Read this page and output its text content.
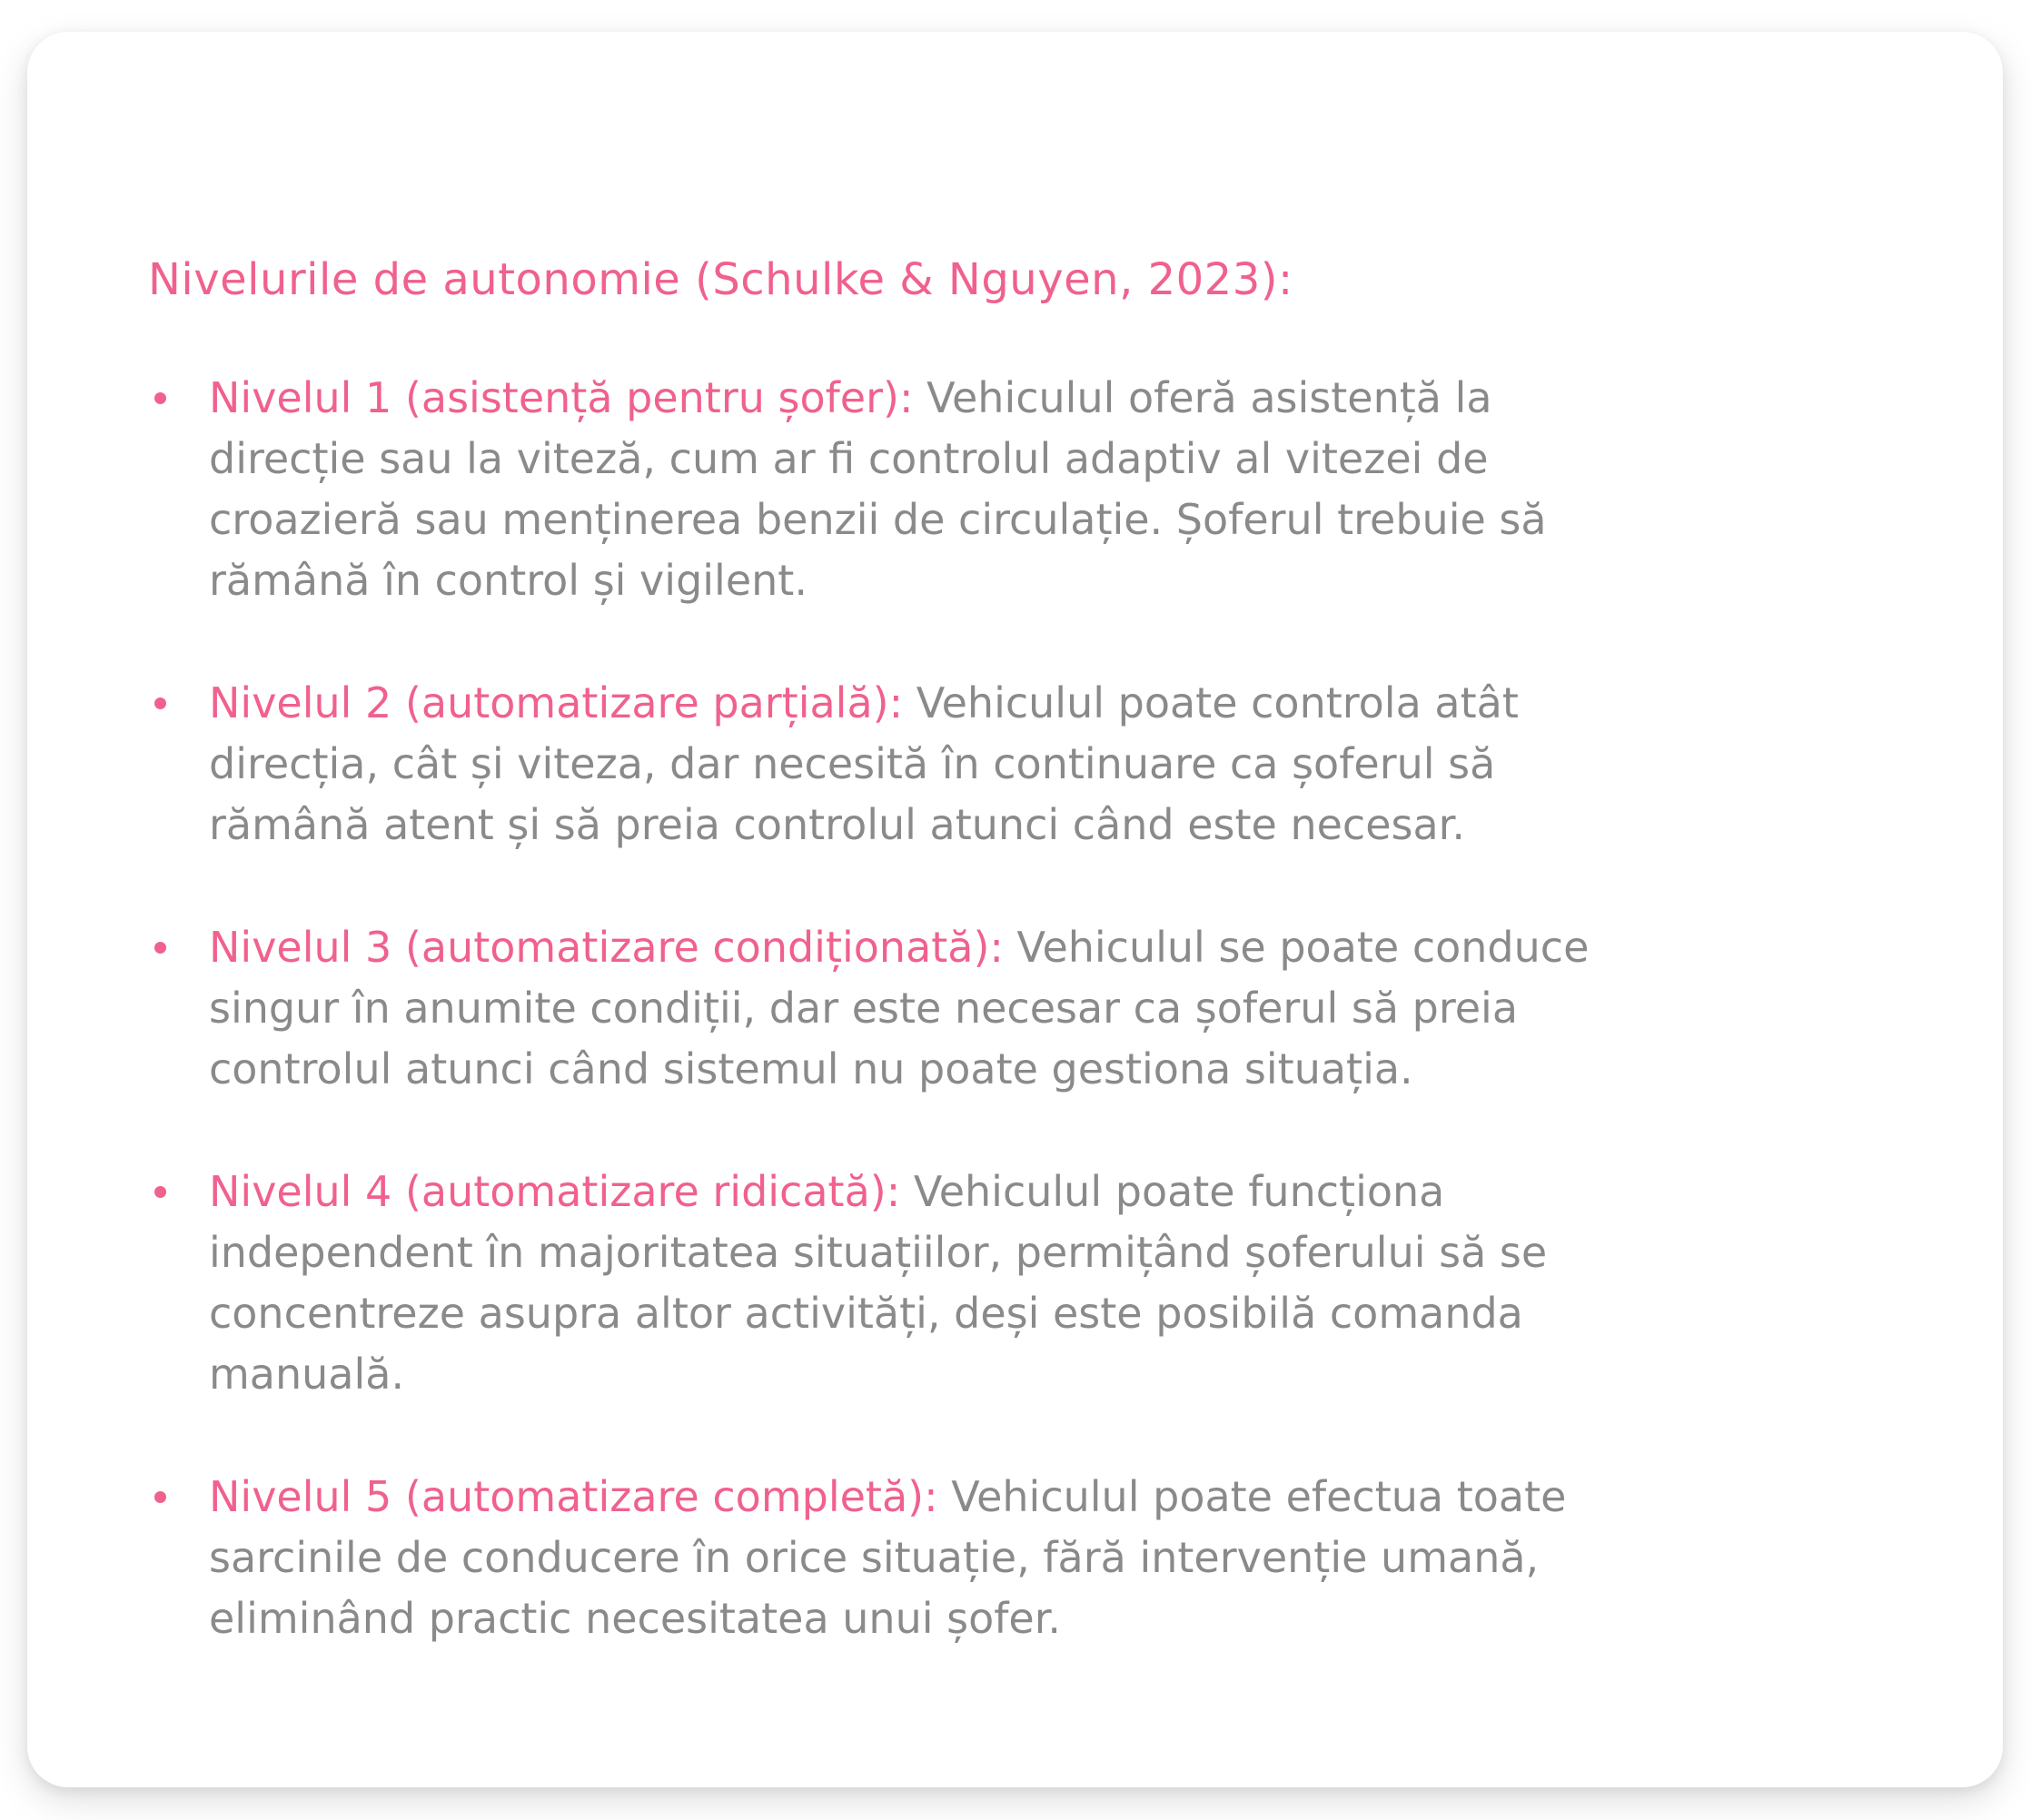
Nivelurile de autonomie (Schulke & Nguyen, 2023):

Nivelul 1 (asistență pentru șofer): Vehiculul oferă asistență la direcție sau la viteză, cum ar fi controlul adaptiv al vitezei de croazieră sau menținerea benzii de circulație. Șoferul trebuie să rămână în control și vigilent.

Nivelul 2 (automatizare parțială): Vehiculul poate controla atât direcția, cât și viteza, dar necesită în continuare ca șoferul să rămână atent și să preia controlul atunci când este necesar.

Nivelul 3 (automatizare condiționată): Vehiculul se poate conduce singur în anumite condiții, dar este necesar ca șoferul să preia controlul atunci când sistemul nu poate gestiona situația.

Nivelul 4 (automatizare ridicată): Vehiculul poate funcționa independent în majoritatea situațiilor, permițând șoferului să se concentreze asupra altor activități, deși este posibilă comanda manuală.

Nivelul 5 (automatizare completă): Vehiculul poate efectua toate sarcinile de conducere în orice situație, fără intervenție umană, eliminând practic necesitatea unui șofer.
